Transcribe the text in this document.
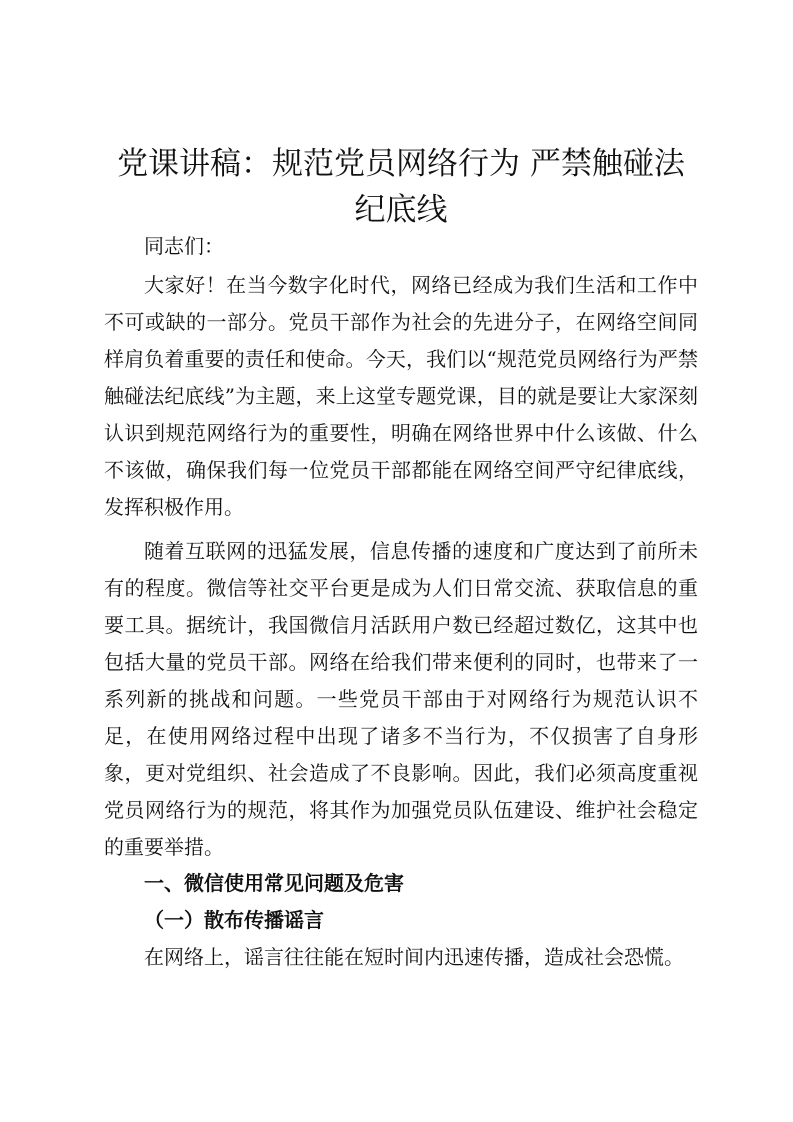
党课讲稿：规范党员网络行为 严禁触碰法纪底线
同志们：
大家好！在当今数字化时代，网络已经成为我们生活和工作中不可或缺的一部分。党员干部作为社会的先进分子，在网络空间同样肩负着重要的责任和使命。今天，我们以“规范党员网络行为严禁触碰法纪底线”为主题，来上这堂专题党课，目的就是要让大家深刻认识到规范网络行为的重要性，明确在网络世界中什么该做、什么不该做，确保我们每一位党员干部都能在网络空间严守纪律底线，发挥积极作用。
随着互联网的迅猛发展，信息传播的速度和广度达到了前所未有的程度。微信等社交平台更是成为人们日常交流、获取信息的重要工具。据统计，我国微信月活跃用户数已经超过数亿，这其中也包括大量的党员干部。网络在给我们带来便利的同时，也带来了一系列新的挑战和问题。一些党员干部由于对网络行为规范认识不足，在使用网络过程中出现了诸多不当行为，不仅损害了自身形象，更对党组织、社会造成了不良影响。因此，我们必须高度重视党员网络行为的规范，将其作为加强党员队伍建设、维护社会稳定的重要举措。
一、微信使用常见问题及危害
（一）散布传播谣言
在网络上，谣言往往能在短时间内迅速传播，造成社会恐慌。
